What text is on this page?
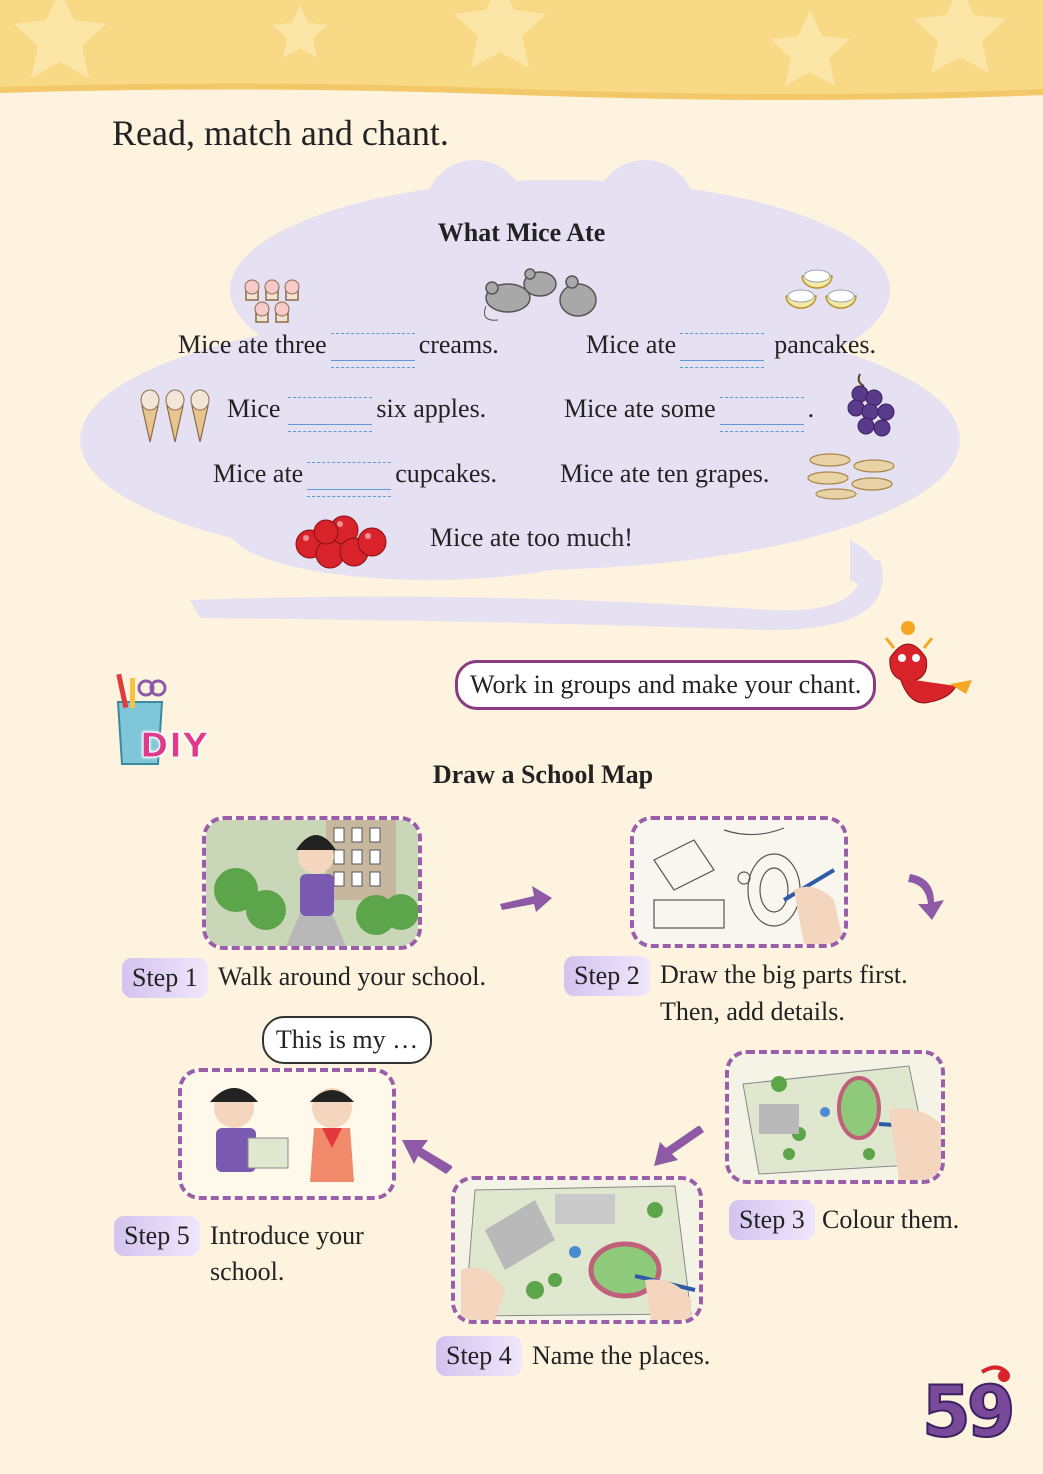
Read, match and chant.
What Mice Ate
Mice ate three	creams.	Mice ate	pancakes.
Mice	six apples.	Mice ate some	.
Mice ate	cupcakes. Mice ate ten grapes.
Mice ate too much!
Work in groups and make your chant.
DIY
Draw a School Map
Step 1 Walk around your school.	Step 2 Draw the big parts first.
Then, add details.
Step 3 Colour them.
Step 4 Name the places.
Step 5 Introduce your
school.
This is my …
59
